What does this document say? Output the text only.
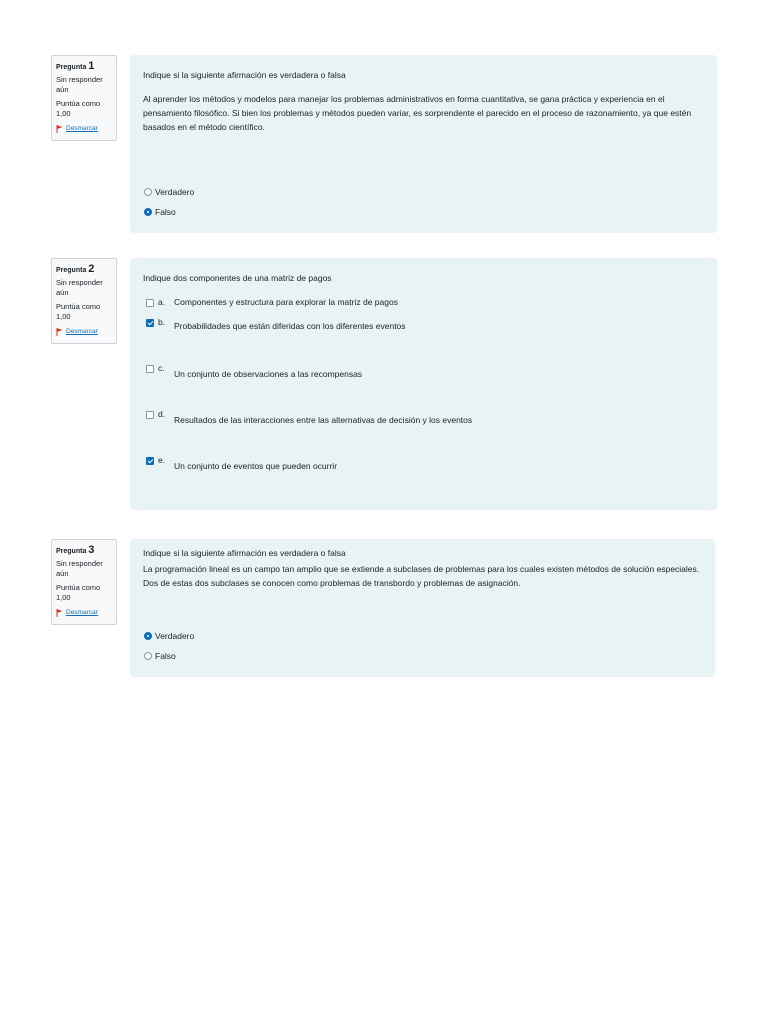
Pregunta 1
Sin responder aún
Puntúa como 1,00
Desmarcar
Indique si la siguiente afirmación es verdadera o falsa
Al aprender los métodos y modelos para manejar los problemas administrativos en forma cuantitativa, se gana práctica y experiencia en el pensamiento filosófico. Si bien los problemas y métodos pueden variar, es sorprendente el parecido en el proceso de razonamiento, ya que estén basados en el método científico.
Verdadero
Falso
Pregunta 2
Sin responder aún
Puntúa como 1,00
Desmarcar
Indique dos componentes de una matriz de pagos
a.	Componentes y estructura para explorar la matriz de pagos
b.	Probabilidades que están diferidas con los diferentes eventos
c.
Un conjunto de observaciones a las recompensas
d.
Resultados de las interacciones entre las alternativas de decisión y los eventos
e.
Un conjunto de eventos que pueden ocurrir
Pregunta 3
Sin responder aún
Puntúa como 1,00
Desmarcar
Indique si la siguiente afirmación es verdadera o falsa
La programación lineal es un campo tan amplio que se extiende a subclases de problemas para los cuales existen métodos de solución especiales. Dos de estas dos subclases se conocen como problemas de transbordo y problemas de asignación.
Verdadero
Falso
